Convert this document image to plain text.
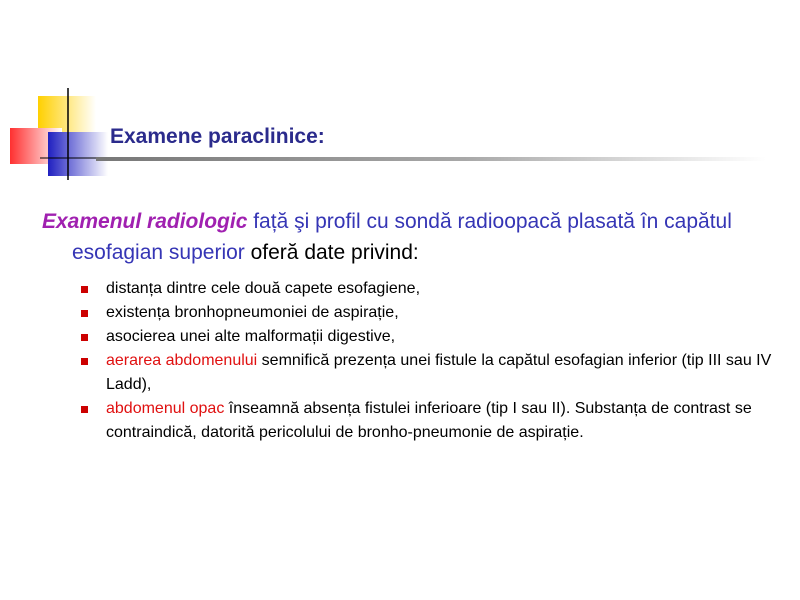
Examene paraclinice:

Examenul radiologic față şi profil cu sondă radioopacă plasată în capătul esofagian superior oferă date privind:

distanța dintre cele două capete esofagiene,
existența bronhopneumoniei de aspirație,
asocierea unei alte malformații digestive,
aerarea abdomenului semnifică prezența unei fistule la capătul esofagian inferior (tip III sau IV Ladd),
abdomenul opac înseamnă absența fistulei inferioare (tip I sau II). Substanța de contrast se contraindică, datorită pericolului de bronho-pneumonie de aspirație.
